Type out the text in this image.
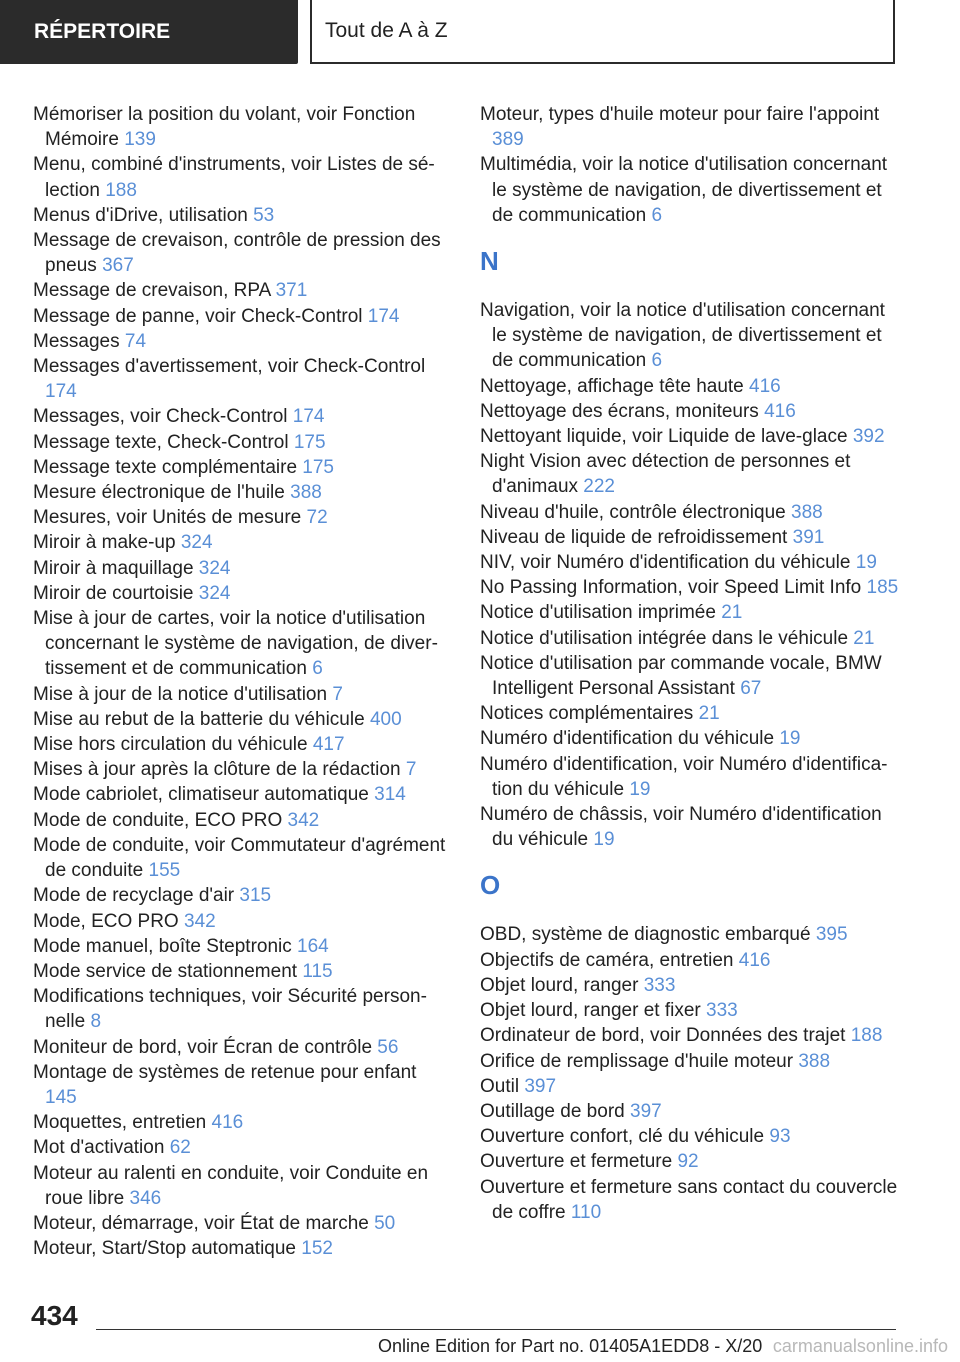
RÉPERTOIRE	Tout de A à Z
Mémoriser la position du volant, voir Fonction Mémoire 139
Menu, combiné d'instruments, voir Listes de sélection 188
Menus d'iDrive, utilisation 53
Message de crevaison, contrôle de pression des pneus 367
Message de crevaison, RPA 371
Message de panne, voir Check-Control 174
Messages 74
Messages d'avertissement, voir Check-Control 174
Messages, voir Check-Control 174
Message texte, Check-Control 175
Message texte complémentaire 175
Mesure électronique de l'huile 388
Mesures, voir Unités de mesure 72
Miroir à make-up 324
Miroir à maquillage 324
Miroir de courtoisie 324
Mise à jour de cartes, voir la notice d'utilisation concernant le système de navigation, de divertissement et de communication 6
Mise à jour de la notice d'utilisation 7
Mise au rebut de la batterie du véhicule 400
Mise hors circulation du véhicule 417
Mises à jour après la clôture de la rédaction 7
Mode cabriolet, climatiseur automatique 314
Mode de conduite, ECO PRO 342
Mode de conduite, voir Commutateur d'agrément de conduite 155
Mode de recyclage d'air 315
Mode, ECO PRO 342
Mode manuel, boîte Steptronic 164
Mode service de stationnement 115
Modifications techniques, voir Sécurité personnelle 8
Moniteur de bord, voir Écran de contrôle 56
Montage de systèmes de retenue pour enfant 145
Moquettes, entretien 416
Mot d'activation 62
Moteur au ralenti en conduite, voir Conduite en roue libre 346
Moteur, démarrage, voir État de marche 50
Moteur, Start/Stop automatique 152
Moteur, types d'huile moteur pour faire l'appoint 389
Multimédia, voir la notice d'utilisation concernant le système de navigation, de divertissement et de communication 6
N
Navigation, voir la notice d'utilisation concernant le système de navigation, de divertissement et de communication 6
Nettoyage, affichage tête haute 416
Nettoyage des écrans, moniteurs 416
Nettoyant liquide, voir Liquide de lave-glace 392
Night Vision avec détection de personnes et d'animaux 222
Niveau d'huile, contrôle électronique 388
Niveau de liquide de refroidissement 391
NIV, voir Numéro d'identification du véhicule 19
No Passing Information, voir Speed Limit Info 185
Notice d'utilisation imprimée 21
Notice d'utilisation intégrée dans le véhicule 21
Notice d'utilisation par commande vocale, BMW Intelligent Personal Assistant 67
Notices complémentaires 21
Numéro d'identification du véhicule 19
Numéro d'identification, voir Numéro d'identification du véhicule 19
Numéro de châssis, voir Numéro d'identification du véhicule 19
O
OBD, système de diagnostic embarqué 395
Objectifs de caméra, entretien 416
Objet lourd, ranger 333
Objet lourd, ranger et fixer 333
Ordinateur de bord, voir Données des trajet 188
Orifice de remplissage d'huile moteur 388
Outil 397
Outillage de bord 397
Ouverture confort, clé du véhicule 93
Ouverture et fermeture 92
Ouverture et fermeture sans contact du couvercle de coffre 110
434
Online Edition for Part no. 01405A1EDD8 - X/20 carmanualsonline.info
